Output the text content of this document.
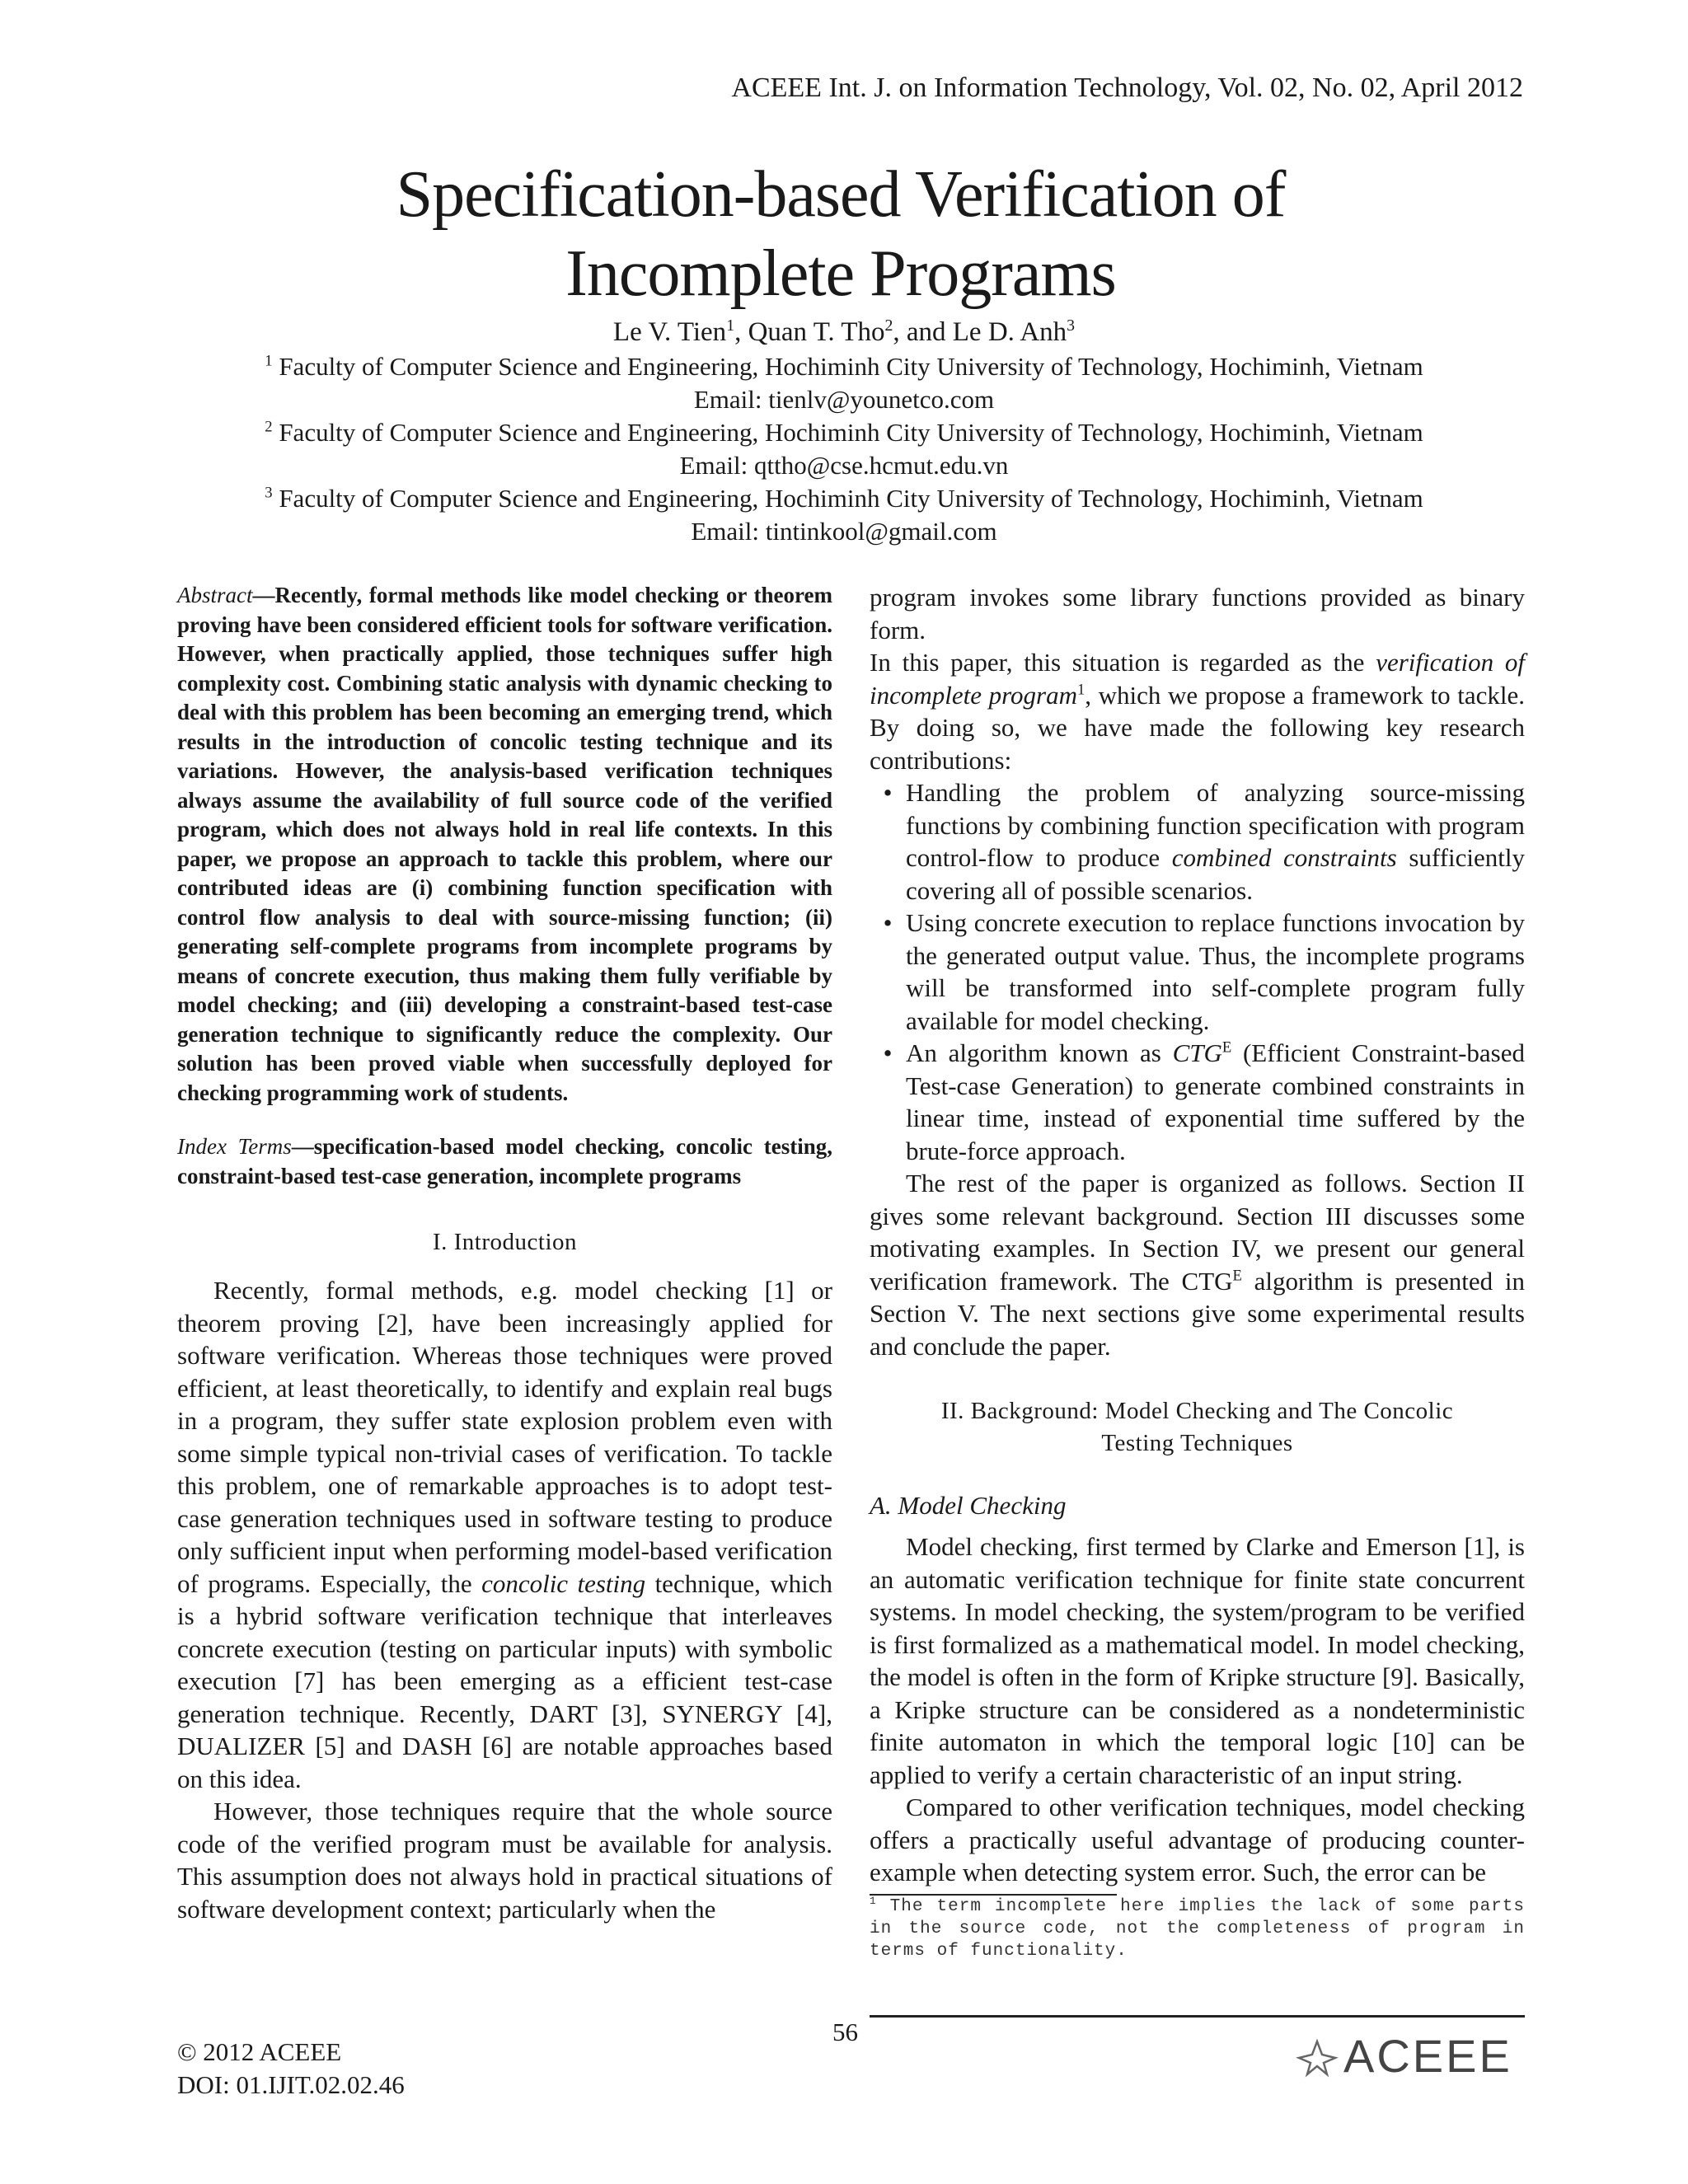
ACEEE Int. J. on Information Technology, Vol. 02, No. 02, April 2012
Specification-based Verification of Incomplete Programs
Le V. Tien$^1$, Quan T. Tho$^2$, and Le D. Anh$^3$
$^1$ Faculty of Computer Science and Engineering, Hochiminh City University of Technology, Hochiminh, Vietnam
Email: tienlv@younetco.com
$^2$ Faculty of Computer Science and Engineering, Hochiminh City University of Technology, Hochiminh, Vietnam
Email: qttho@cse.hcmut.edu.vn
$^3$ Faculty of Computer Science and Engineering, Hochiminh City University of Technology, Hochiminh, Vietnam
Email: tintinkool@gmail.com
Abstract—Recently, formal methods like model checking or theorem proving have been considered efficient tools for software verification. However, when practically applied, those techniques suffer high complexity cost. Combining static analysis with dynamic checking to deal with this problem has been becoming an emerging trend, which results in the introduction of concolic testing technique and its variations. However, the analysis-based verification techniques always assume the availability of full source code of the verified program, which does not always hold in real life contexts. In this paper, we propose an approach to tackle this problem, where our contributed ideas are (i) combining function specification with control flow analysis to deal with source-missing function; (ii) generating self-complete programs from incomplete programs by means of concrete execution, thus making them fully verifiable by model checking; and (iii) developing a constraint-based test-case generation technique to significantly reduce the complexity. Our solution has been proved viable when successfully deployed for checking programming work of students.
Index Terms—specification-based model checking, concolic testing, constraint-based test-case generation, incomplete programs
I. Introduction

Recently, formal methods, e.g. model checking [1] or theorem proving [2], have been increasingly applied for software verification. Whereas those techniques were proved efficient, at least theoretically, to identify and explain real bugs in a program, they suffer state explosion problem even with some simple typical non-trivial cases of verification. To tackle this problem, one of remarkable approaches is to adopt test-case generation techniques used in software testing to produce only sufficient input when performing model-based verification of programs. Especially, the concolic testing technique, which is a hybrid software verification technique that interleaves concrete execution (testing on particular inputs) with symbolic execution [7] has been emerging as a efficient test-case generation technique. Recently, DART [3], SYNERGY [4], DUALIZER [5] and DASH [6] are notable approaches based on this idea.

However, those techniques require that the whole source code of the verified program must be available for analysis. This assumption does not always hold in practical situations of software development context; particularly when the

program invokes some library functions provided as binary form.

In this paper, this situation is regarded as the verification of incomplete program$^1$, which we propose a framework to tackle. By doing so, we have made the following key research contributions:

• Handling the problem of analyzing source-missing functions by combining function specification with program control-flow to produce combined constraints sufficiently covering all of possible scenarios.
• Using concrete execution to replace functions invocation by the generated output value. Thus, the incomplete programs will be transformed into self-complete program fully available for model checking.
• An algorithm known as $CTG^E$ (Efficient Constraint-based Test-case Generation) to generate combined constraints in linear time, instead of exponential time suffered by the brute-force approach.

The rest of the paper is organized as follows. Section II gives some relevant background. Section III discusses some motivating examples. In Section IV, we present our general verification framework. The $CTG^E$ algorithm is presented in Section V. The next sections give some experimental results and conclude the paper.

II. Background: Model Checking and The Concolic
Testing Techniques
A. Model Checking

Model checking, first termed by Clarke and Emerson [1], is an automatic verification technique for finite state concurrent systems. In model checking, the system/program to be verified is first formalized as a mathematical model. In model checking, the model is often in the form of Kripke structure [9]. Basically, a Kripke structure can be considered as a nondeterministic finite automaton in which the temporal logic [10] can be applied to verify a certain characteristic of an input string.

Compared to other verification techniques, model checking offers a practically useful advantage of producing counter-example when detecting system error. Such, the error can be

$^1$ The term incomplete here implies the lack of some parts in the source code, not the completeness of program in terms of functionality.
56
© 2012 ACEEE
DOI: 01.IJIT.02.02.46
ACEEE
